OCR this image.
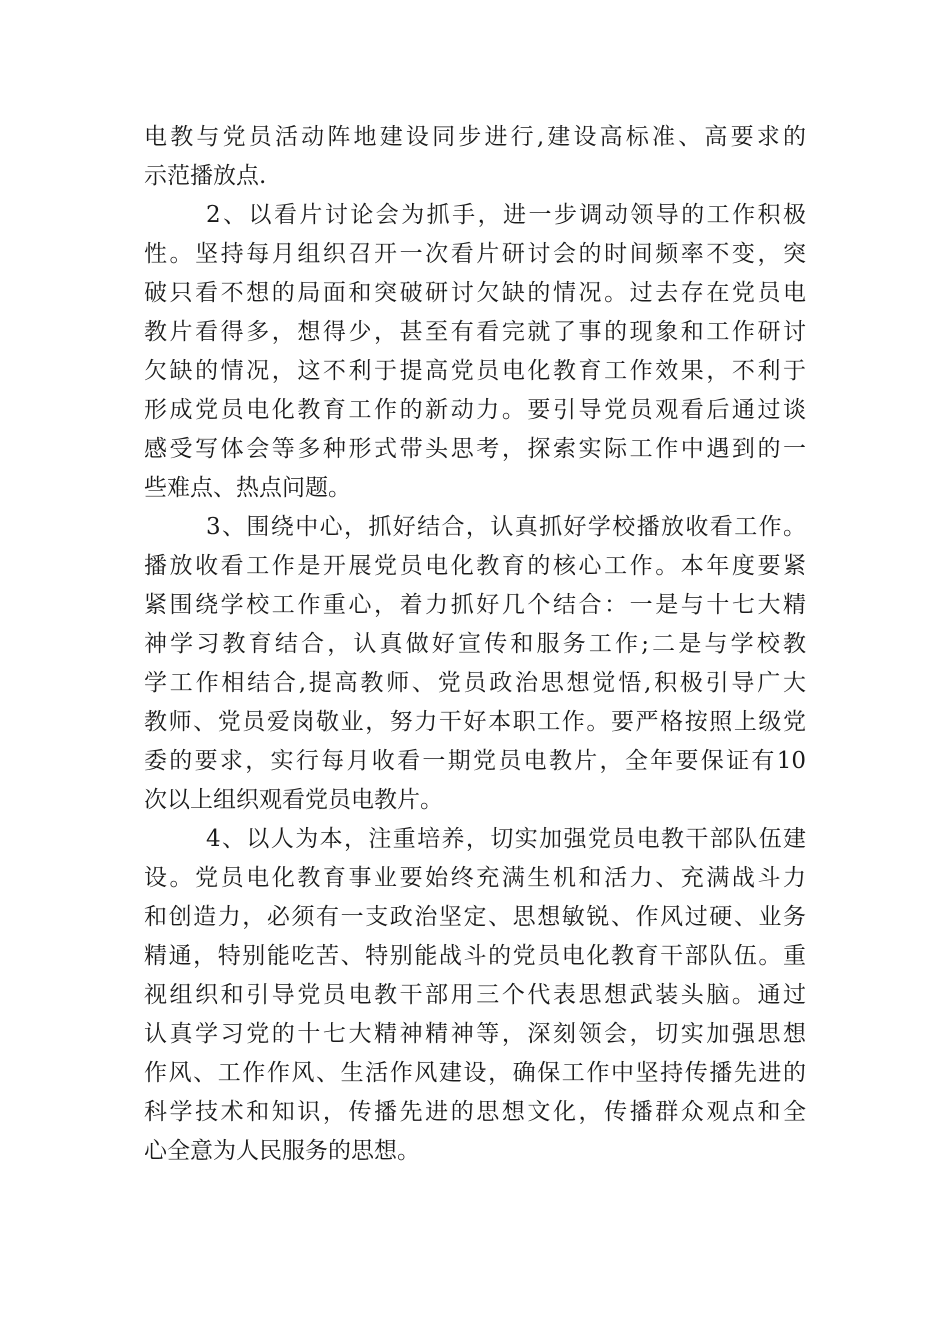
电教与党员活动阵地建设同步进行,建设高标准、高要求的
示范播放点.
2、以看片讨论会为抓手，进一步调动领导的工作积极
性。坚持每月组织召开一次看片研讨会的时间频率不变，突
破只看不想的局面和突破研讨欠缺的情况。过去存在党员电
教片看得多，想得少，甚至有看完就了事的现象和工作研讨
欠缺的情况，这不利于提高党员电化教育工作效果，不利于
形成党员电化教育工作的新动力。要引导党员观看后通过谈
感受写体会等多种形式带头思考，探索实际工作中遇到的一
些难点、热点问题。
3、围绕中心，抓好结合，认真抓好学校播放收看工作。
播放收看工作是开展党员电化教育的核心工作。本年度要紧
紧围绕学校工作重心，着力抓好几个结合：一是与十七大精
神学习教育结合，认真做好宣传和服务工作;二是与学校教
学工作相结合,提高教师、党员政治思想觉悟,积极引导广大
教师、党员爱岗敬业，努力干好本职工作。要严格按照上级党
委的要求，实行每月收看一期党员电教片，全年要保证有10
次以上组织观看党员电教片。
4、以人为本，注重培养，切实加强党员电教干部队伍建
设。党员电化教育事业要始终充满生机和活力、充满战斗力
和创造力，必须有一支政治坚定、思想敏锐、作风过硬、业务
精通，特别能吃苦、特别能战斗的党员电化教育干部队伍。重
视组织和引导党员电教干部用三个代表思想武装头脑。通过
认真学习党的十七大精神精神等，深刻领会，切实加强思想
作风、工作作风、生活作风建设，确保工作中坚持传播先进的
科学技术和知识，传播先进的思想文化，传播群众观点和全
心全意为人民服务的思想。
